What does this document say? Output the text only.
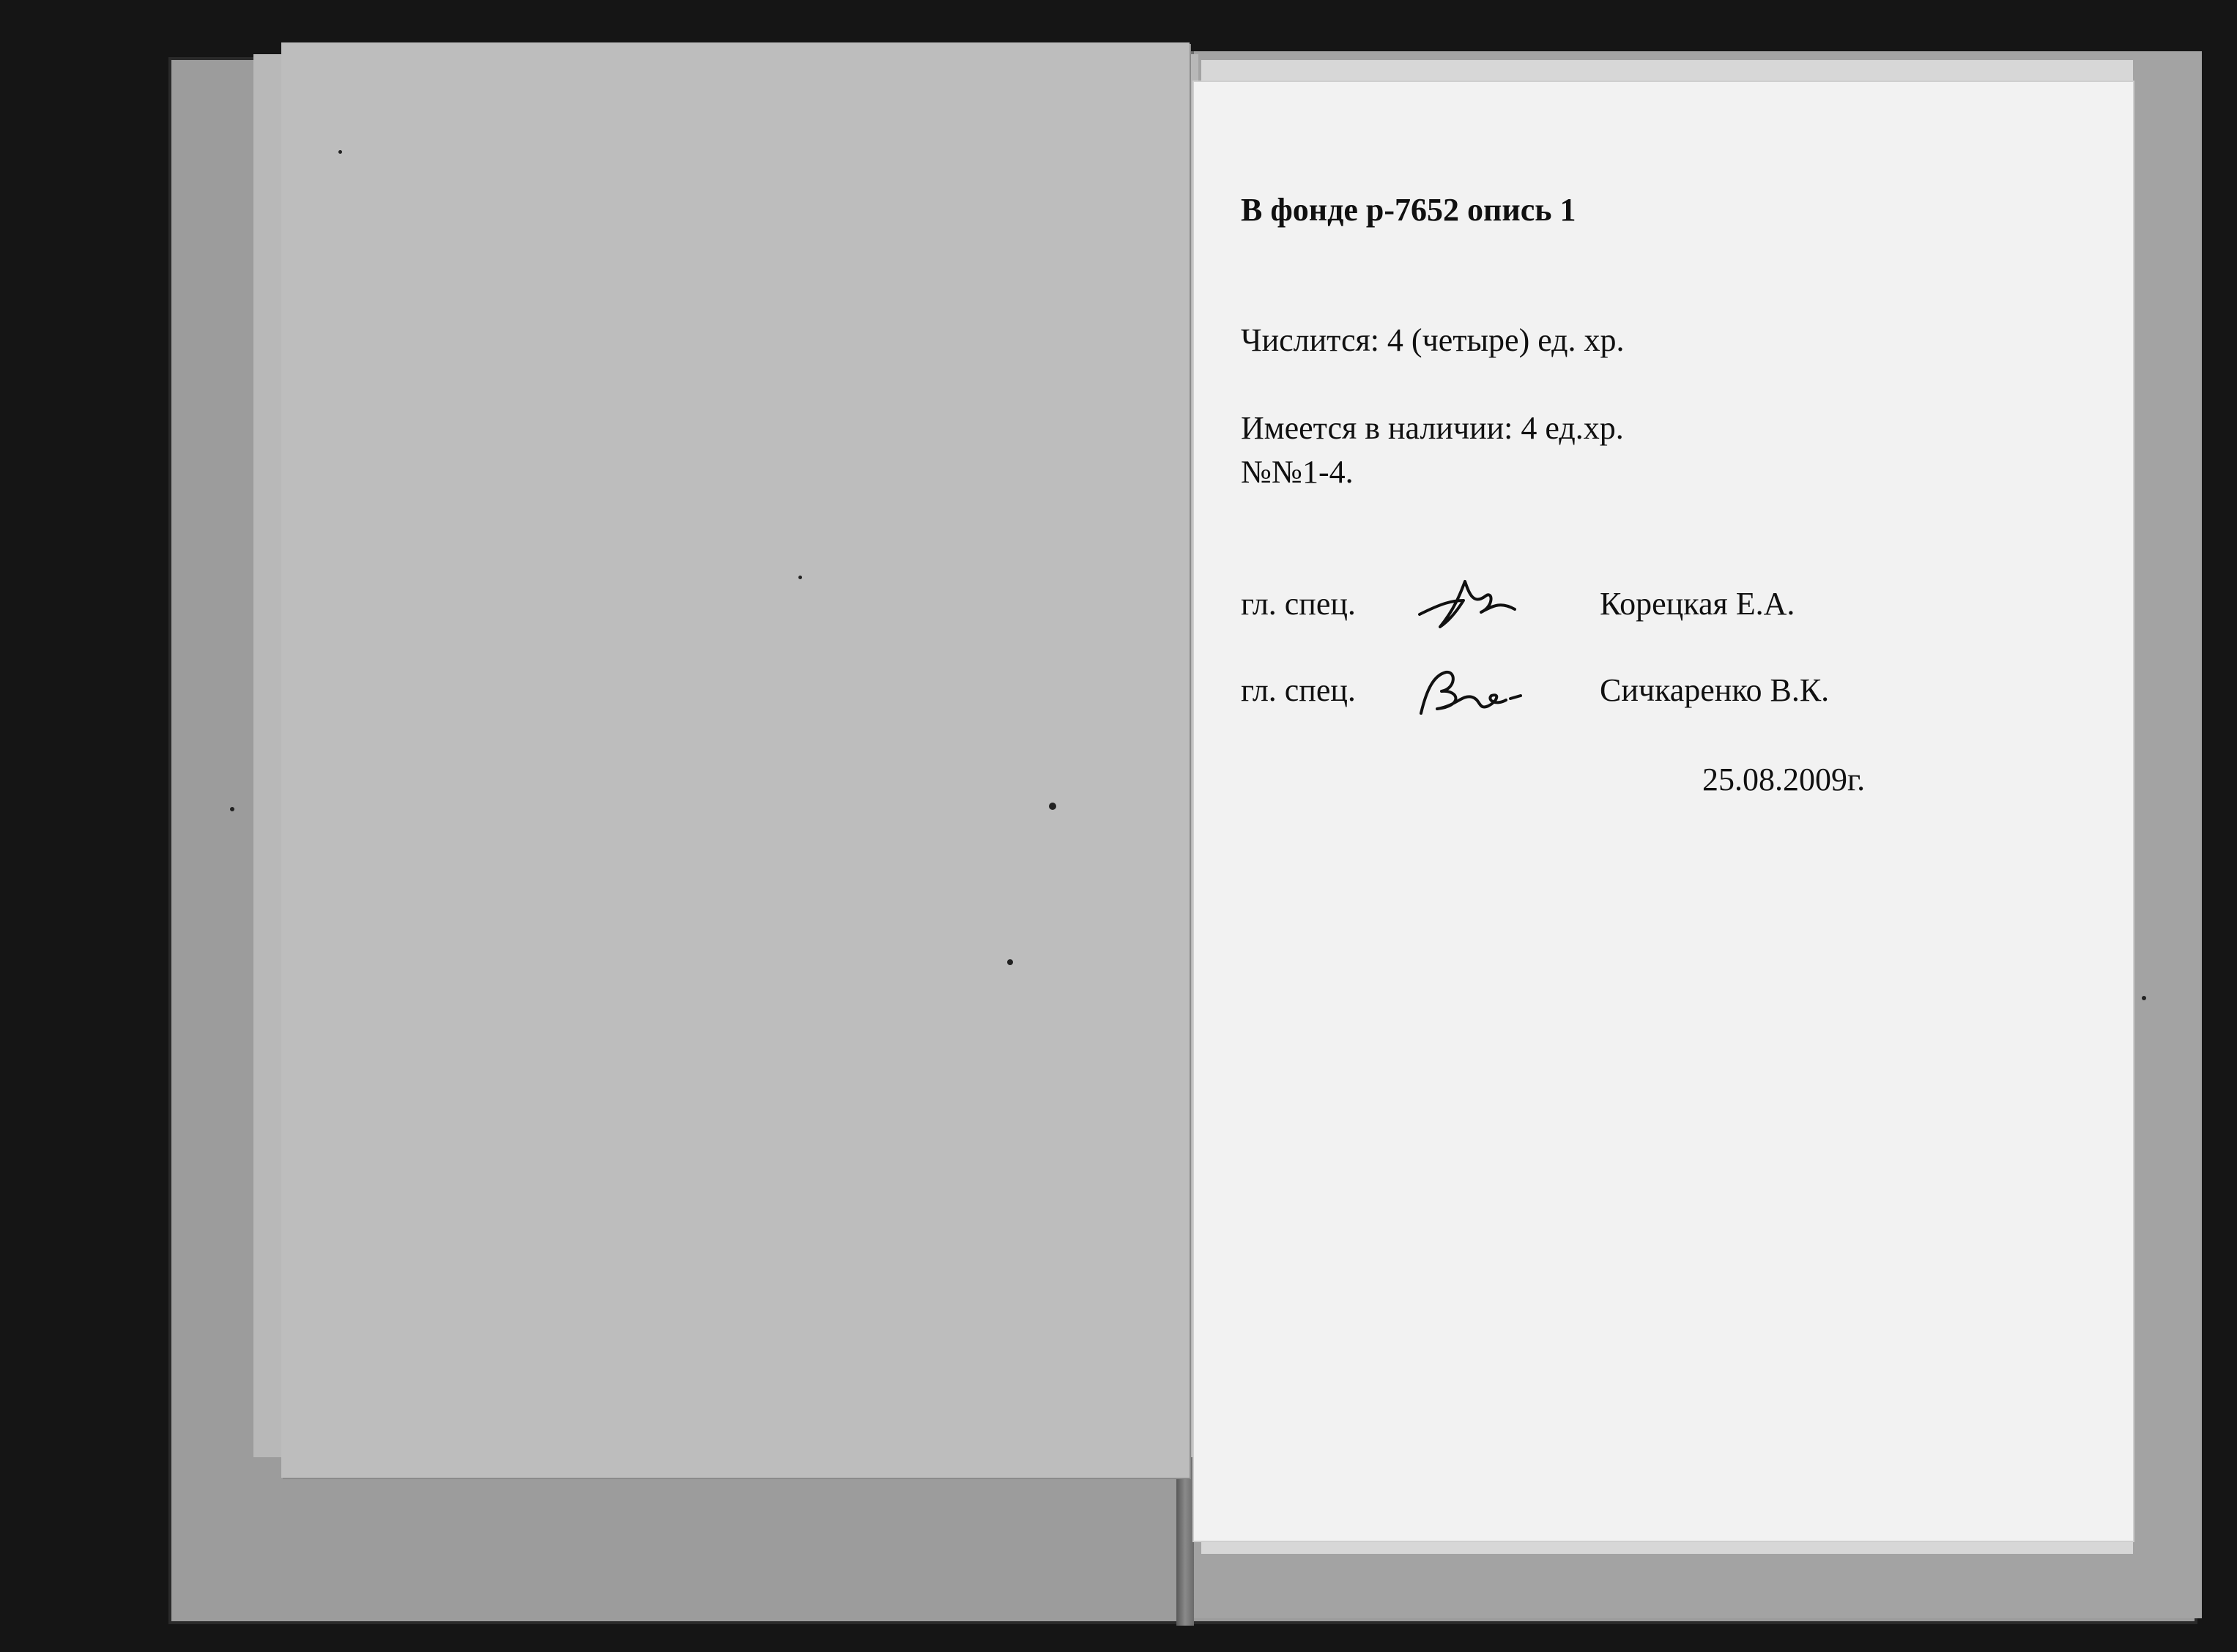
В фонде р-7652 опись 1
Числится: 4 (четыре) ед. хр.
Имеется в наличии: 4 ед.хр.
№№1-4.
гл. спец.	Корецкая Е.А.
гл. спец.	Сичкаренко В.К.
25.08.2009г.
